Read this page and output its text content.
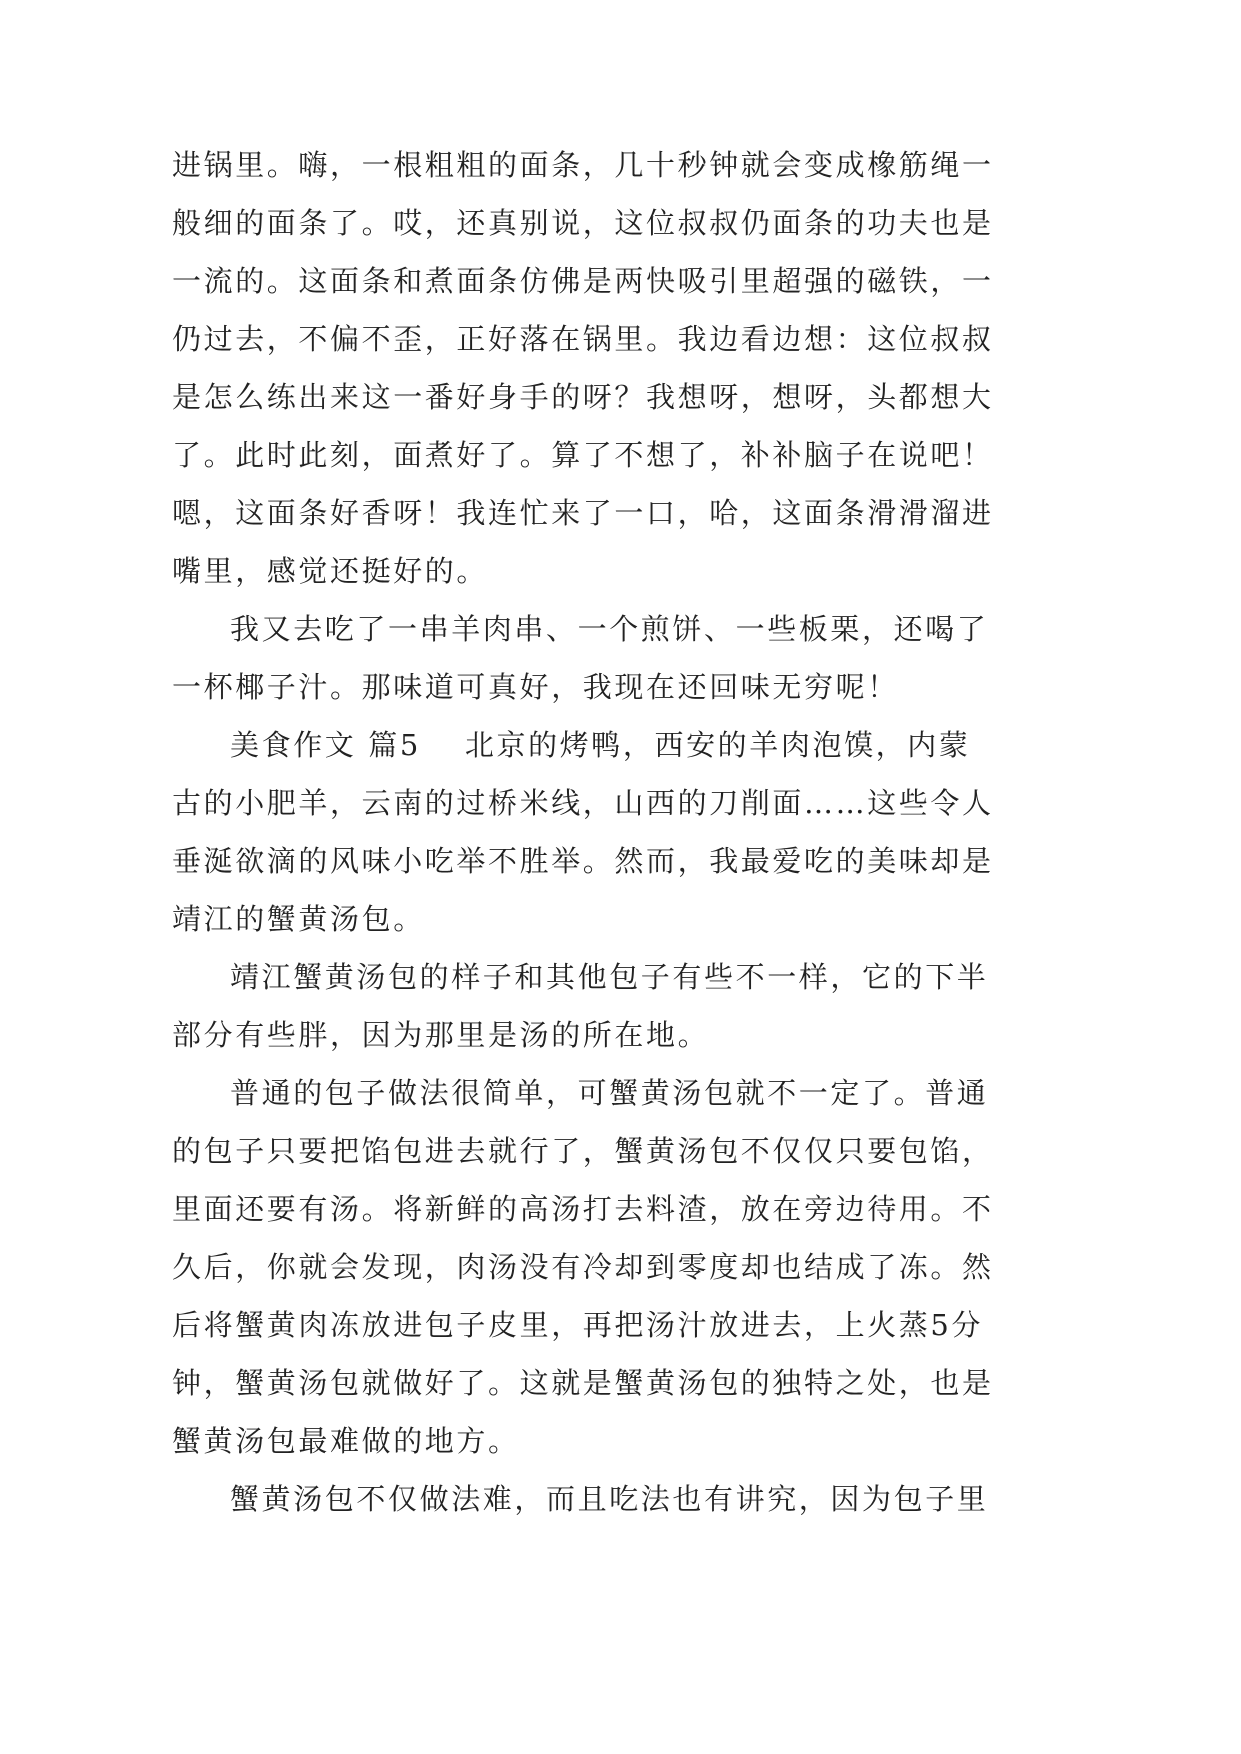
进锅里。嗨，一根粗粗的面条，几十秒钟就会变成橡筋绳一
般细的面条了。哎，还真别说，这位叔叔仍面条的功夫也是
一流的。这面条和煮面条仿佛是两快吸引里超强的磁铁，一
仍过去，不偏不歪，正好落在锅里。我边看边想：这位叔叔
是怎么练出来这一番好身手的呀？我想呀，想呀，头都想大
了。此时此刻，面煮好了。算了不想了，补补脑子在说吧！
嗯，这面条好香呀！我连忙来了一口，哈，这面条滑滑溜进
嘴里，感觉还挺好的。
我又去吃了一串羊肉串、一个煎饼、一些板栗，还喝了
一杯椰子汁。那味道可真好，我现在还回味无穷呢！
美食作文 篇5 北京的烤鸭，西安的羊肉泡馍，内蒙
古的小肥羊，云南的过桥米线，山西的刀削面……这些令人
垂涎欲滴的风味小吃举不胜举。然而，我最爱吃的美味却是
靖江的蟹黄汤包。
靖江蟹黄汤包的样子和其他包子有些不一样，它的下半
部分有些胖，因为那里是汤的所在地。
普通的包子做法很简单，可蟹黄汤包就不一定了。普通
的包子只要把馅包进去就行了，蟹黄汤包不仅仅只要包馅，
里面还要有汤。将新鲜的高汤打去料渣，放在旁边待用。不
久后，你就会发现，肉汤没有冷却到零度却也结成了冻。然
后将蟹黄肉冻放进包子皮里，再把汤汁放进去，上火蒸5分
钟，蟹黄汤包就做好了。这就是蟹黄汤包的独特之处，也是
蟹黄汤包最难做的地方。
蟹黄汤包不仅做法难，而且吃法也有讲究，因为包子里
